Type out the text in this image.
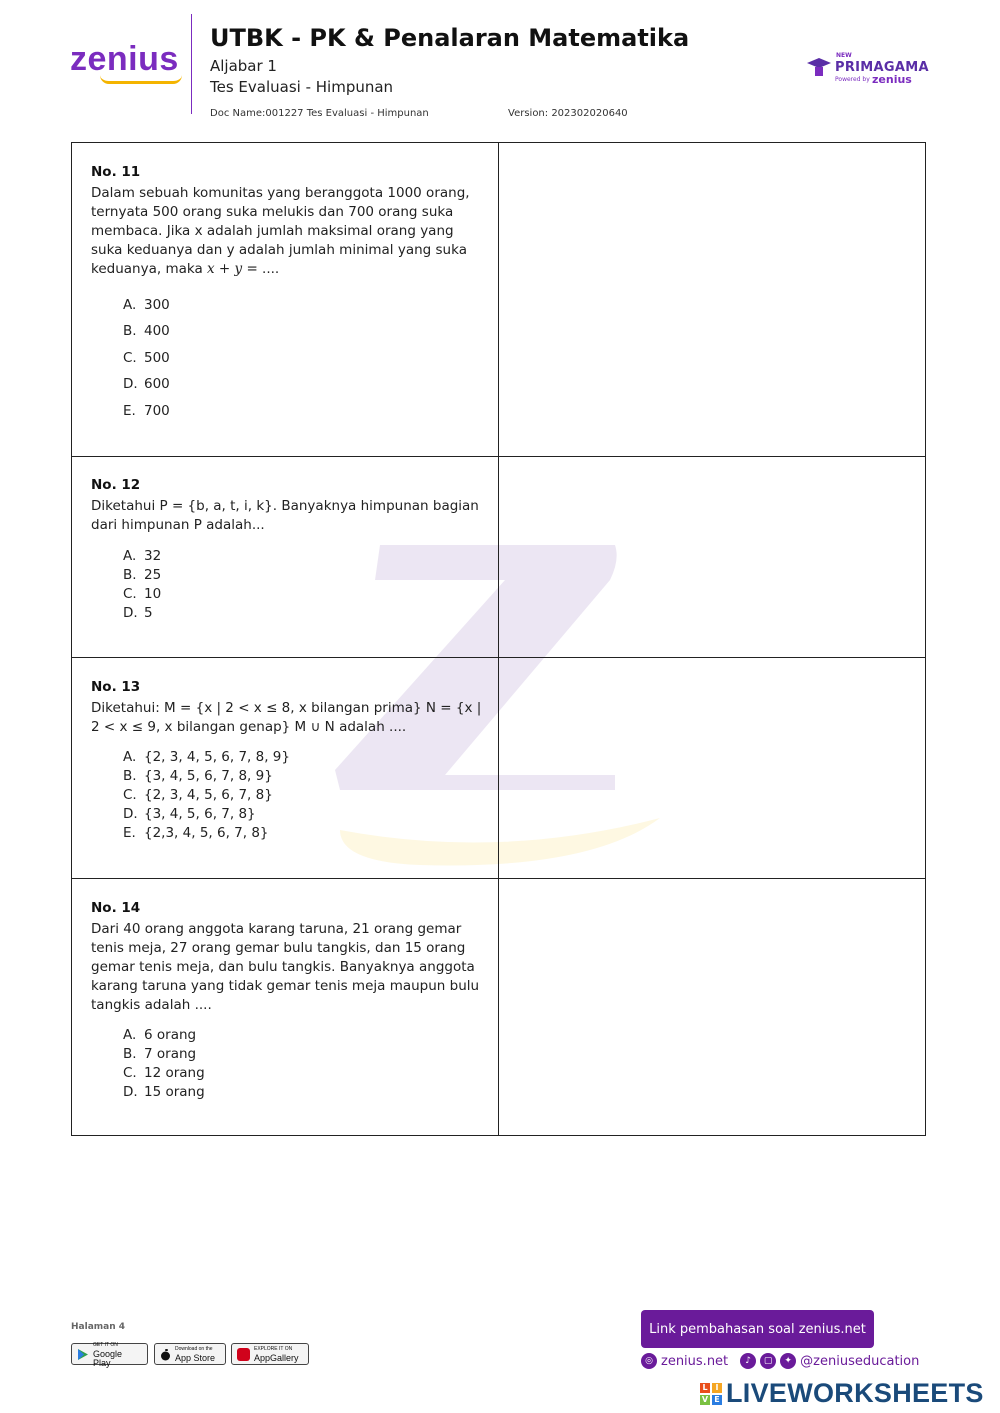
zenius
UTBK - PK & Penalaran Matematika
Aljabar 1
Tes Evaluasi - Himpunan
Doc Name:001227 Tes Evaluasi - Himpunan	Version: 202302020640
NEW
PRIMAGAMA
Powered by zenius
No. 11
Dalam sebuah komunitas yang beranggota 1000 orang, ternyata 500 orang suka melukis dan 700 orang suka membaca. Jika x adalah jumlah maksimal orang yang suka keduanya dan y adalah jumlah minimal yang suka keduanya, maka x + y = ....
A. 300
B. 400
C. 500
D. 600
E. 700
No. 12
Diketahui P = {b, a, t, i, k}. Banyaknya himpunan bagian dari himpunan P adalah...
A. 32
B. 25
C. 10
D. 5
No. 13
Diketahui: M = {x | 2 < x ≤ 8, x bilangan prima} N = {x | 2 < x ≤ 9, x bilangan genap} M ∪ N adalah ....
A. {2, 3, 4, 5, 6, 7, 8, 9}
B. {3, 4, 5, 6, 7, 8, 9}
C. {2, 3, 4, 5, 6, 7, 8}
D. {3, 4, 5, 6, 7, 8}
E. {2,3, 4, 5, 6, 7, 8}
No. 14
Dari 40 orang anggota karang taruna, 21 orang gemar tenis meja, 27 orang gemar bulu tangkis, dan 15 orang gemar tenis meja, dan bulu tangkis. Banyaknya anggota karang taruna yang tidak gemar tenis meja maupun bulu tangkis adalah ....
A. 6 orang
B. 7 orang
C. 12 orang
D. 15 orang
Halaman 4
GET IT ON
Google Play
Download on the
App Store
EXPLORE IT ON
AppGallery
Link pembahasan soal zenius.net
◎ zenius.net	♪	▢	✦ @zeniuseducation
L I
V E LIVEWORKSHEETS
